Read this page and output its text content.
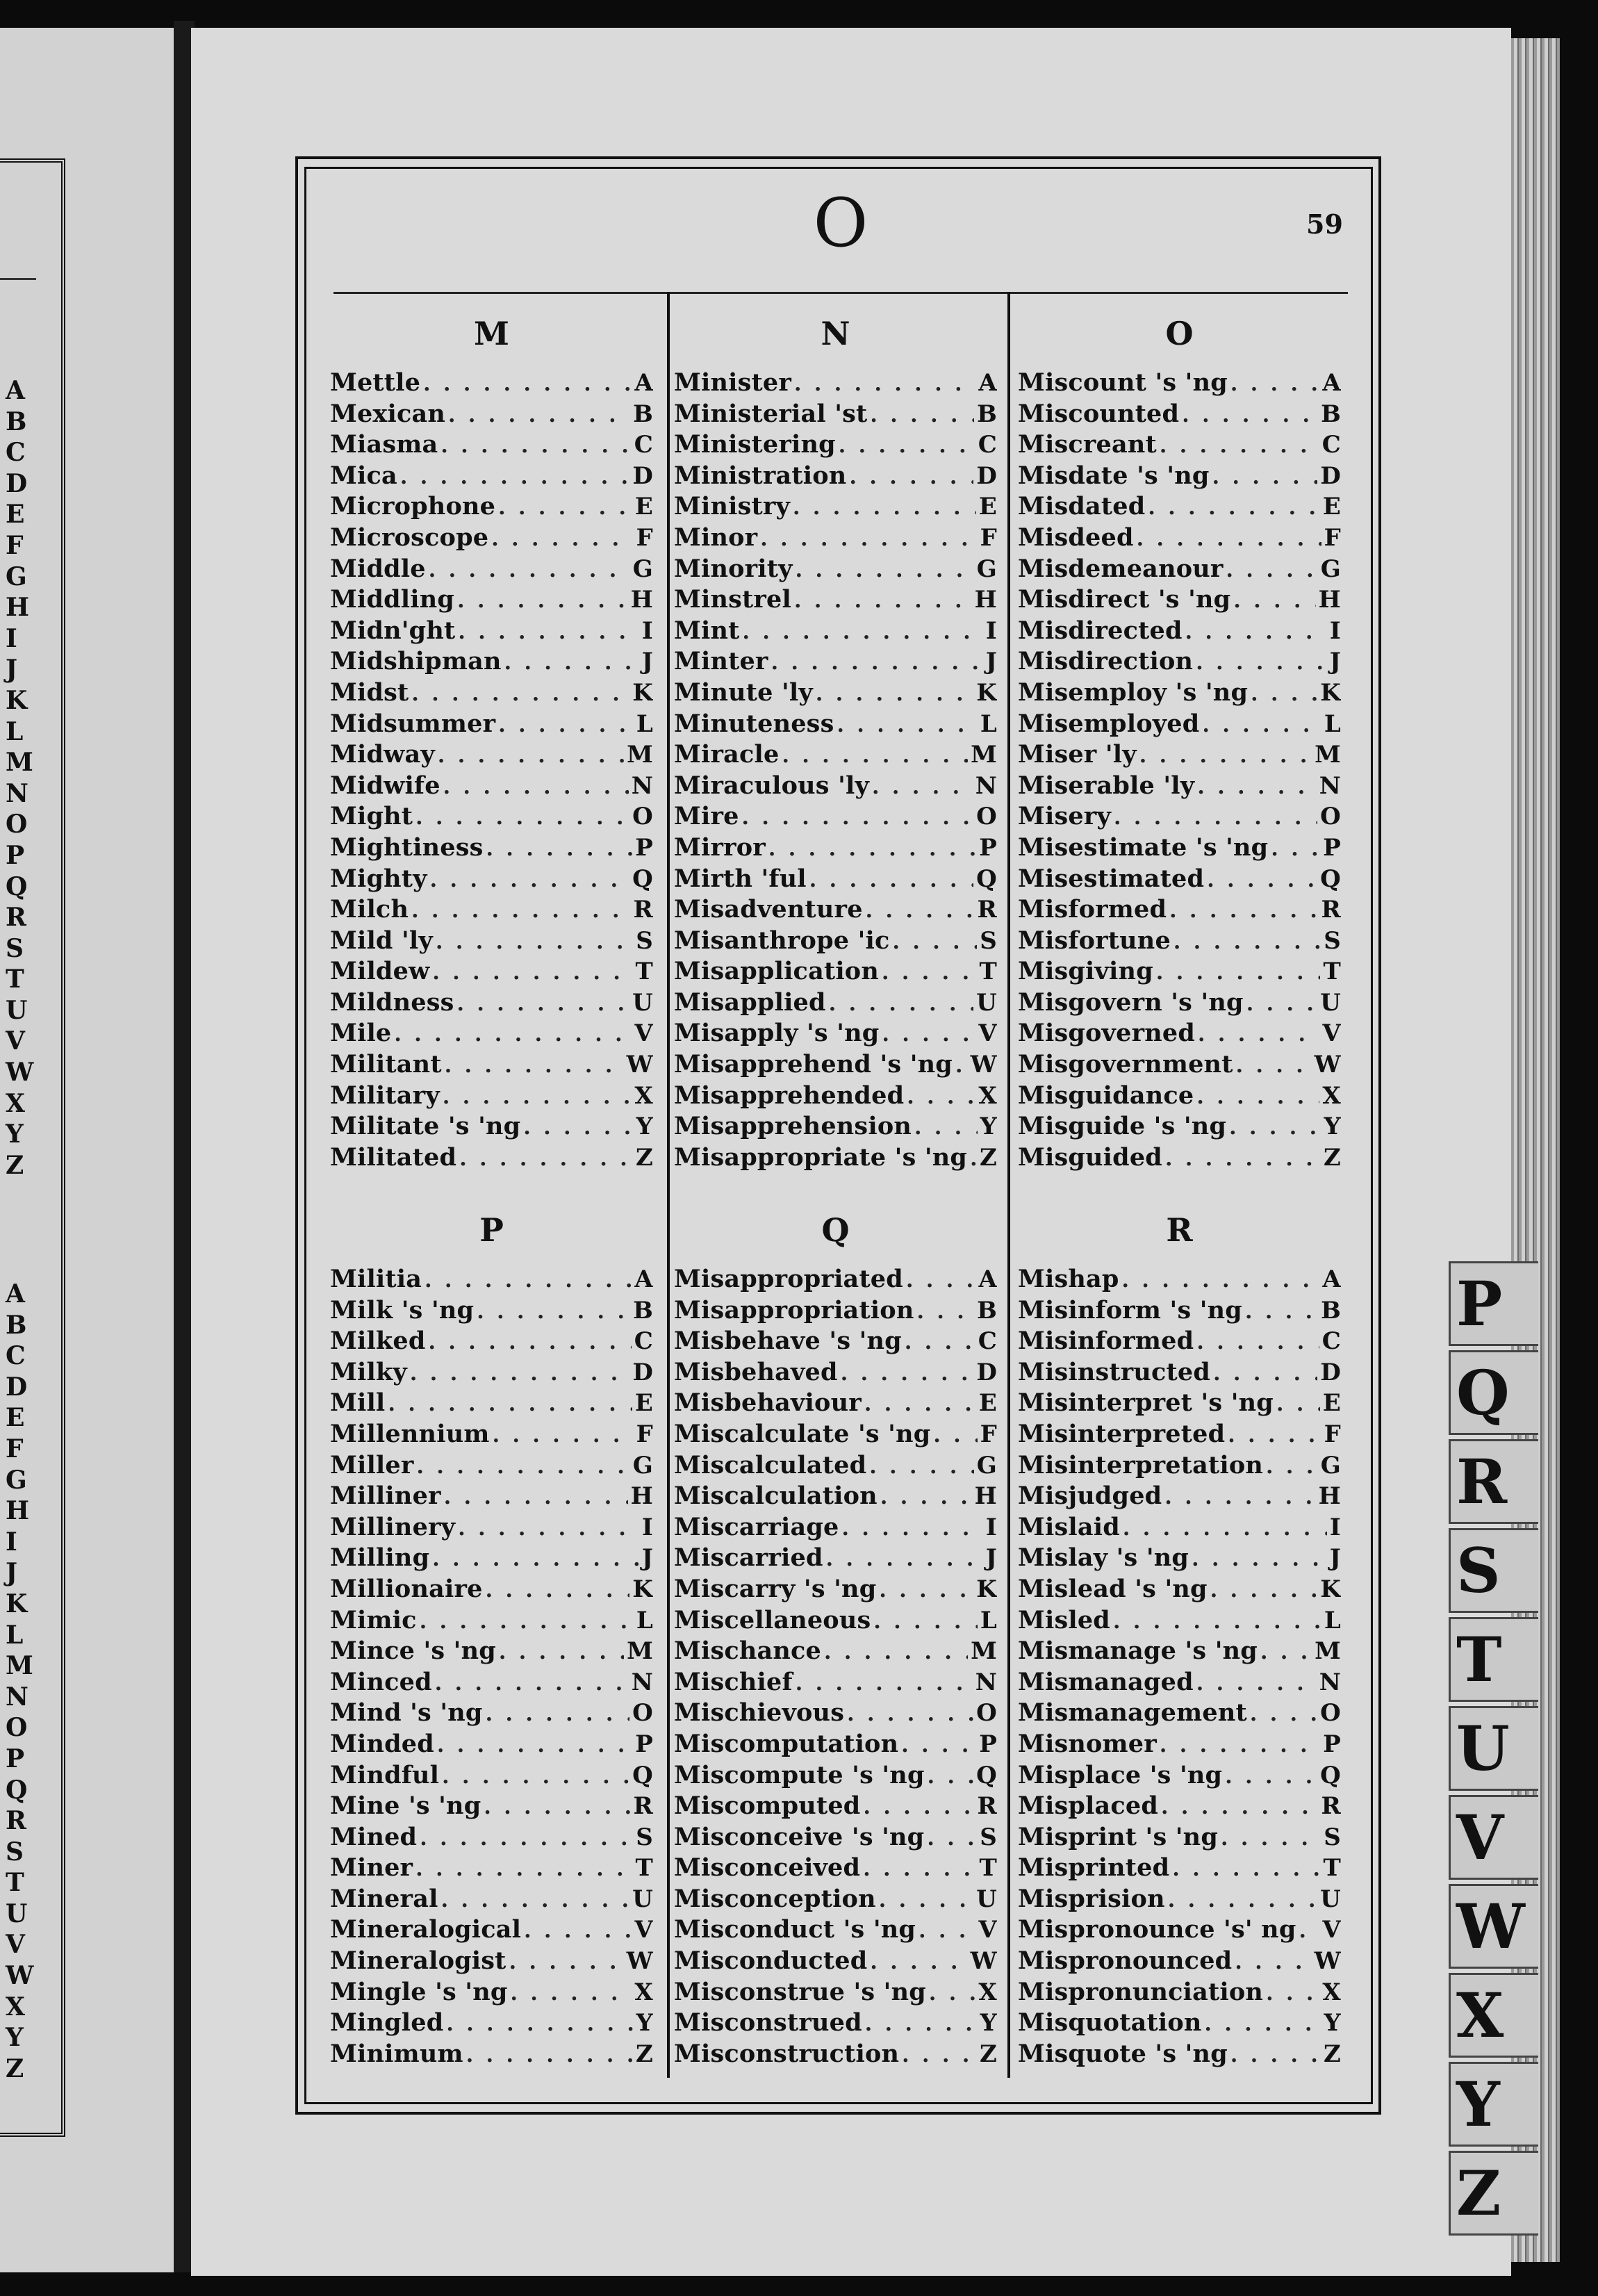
A
B
C
D
E
F
G
H
I
J
K
L
M
N
O
P
Q
R
S
T
U
V
W
X
Y
Z
A
B
C
D
E
F
G
H
I
J
K
L
M
N
O
P
Q
R
S
T
U
V
W
X
Y
Z
P
Q
R
S
T
U
V
W
X
Y
Z
O	59
M
Mettle . . .	A
Mexican . . .	B
Miasma . . .	C
Mica . . .	D
Microphone . . .	E
Microscope . . .	F
Middle . . .	G
Middling . . .	H
Midn'ght . . .	I
Midshipman . . .	J
Midst . . .	K
Midsummer . . .	L
Midway . . .	M
Midwife . . .	N
Might . . .	O
Mightiness . . .	P
Mighty . . .	Q
Milch . . .	R
Mild 'ly . . .	S
Mildew . . .	T
Mildness . . .	U
Mile . . .	V
Militant . . .	W
Military . . .	X
Militate 's 'ng . . .	Y
Militated . . .	Z
N
Minister . . .	A
Ministerial 'st . . .	B
Ministering . . .	C
Ministration . . .	D
Ministry . . .	E
Minor . . .	F
Minority . . .	G
Minstrel . . .	H
Mint . . .	I
Minter . . .	J
Minute 'ly . . .	K
Minuteness . . .	L
Miracle . . .	M
Miraculous 'ly . . .	N
Mire . . .	O
Mirror . . .	P
Mirth 'ful . . .	Q
Misadventure . . .	R
Misanthrope 'ic . . .	S
Misapplication . . .	T
Misapplied . . .	U
Misapply 's 'ng . . .	V
Misapprehend 's 'ng . . . W
Misapprehended . . .	X
Misapprehension . . .	Y
Misappropriate 's 'ng . . . Z
O
Miscount 's 'ng . . .	A
Miscounted . . .	B
Miscreant . . .	C
Misdate 's 'ng . . .	D
Misdated . . .	E
Misdeed . . .	F
Misdemeanour . . .	G
Misdirect 's 'ng . . .	H
Misdirected . . .	I
Misdirection . . .	J
Misemploy 's 'ng . . .	K
Misemployed . . .	L
Miser 'ly . . .	M
Miserable 'ly . . .	N
Misery . . .	O
Misestimate 's 'ng . . . P
Misestimated . . .	Q
Misformed . . .	R
Misfortune . . .	S
Misgiving . . .	T
Misgovern 's 'ng . . .	U
Misgoverned . . .	V
Misgovernment . . .	W
Misguidance . . .	X
Misguide 's 'ng . . .	Y
Misguided . . .	Z
P
Militia . . .	A
Milk 's 'ng . . .	B
Milked . . .	C
Milky . . .	D
Mill . . .	E
Millennium . . .	F
Miller . . .	G
Milliner . . .	H
Millinery . . .	I
Milling . . .	J
Millionaire . . .	K
Mimic . . .	L
Mince 's 'ng . . .	M
Minced . . .	N
Mind 's 'ng . . .	O
Minded . . .	P
Mindful . . .	Q
Mine 's 'ng . . .	R
Mined . . .	S
Miner . . .	T
Mineral . . .	U
Mineralogical . . .	V
Mineralogist . . .	W
Mingle 's 'ng . . .	X
Mingled . . .	Y
Minimum . . .	Z
Q
Misappropriated . . .	A
Misappropriation . . .	B
Misbehave 's 'ng . . .	C
Misbehaved . . .	D
Misbehaviour . . .	E
Miscalculate 's 'ng . . . F
Miscalculated . . .	G
Miscalculation . . .	H
Miscarriage . . .	I
Miscarried . . .	J
Miscarry 's 'ng . . .	K
Miscellaneous . . .	L
Mischance . . .	M
Mischief . . .	N
Mischievous . . .	O
Miscomputation . . .	P
Miscompute 's 'ng . . . Q
Miscomputed . . .	R
Misconceive 's 'ng . . . S
Misconceived . . .	T
Misconception . . .	U
Misconduct 's 'ng . . .	V
Misconducted . . .	W
Misconstrue 's 'ng . . . X
Misconstrued . . .	Y
Misconstruction . . .	Z
R
Mishap . . .	A
Misinform 's 'ng . . .	B
Misinformed . . .	C
Misinstructed . . .	D
Misinterpret 's 'ng . . . E
Misinterpreted . . .	F
Misinterpretation . . . G
Misjudged . . .	H
Mislaid . . .	I
Mislay 's 'ng . . .	J
Mislead 's 'ng . . .	K
Misled . . .	L
Mismanage 's 'ng . . . M
Mismanaged . . .	N
Mismanagement . . .	O
Misnomer . . .	P
Misplace 's 'ng . . .	Q
Misplaced . . .	R
Misprint 's 'ng . . .	S
Misprinted . . .	T
Misprision . . .	U
Mispronounce 's' ng . . . V
Mispronounced . . .	W
Mispronunciation . . .	X
Misquotation . . .	Y
Misquote 's 'ng . . .	Z
